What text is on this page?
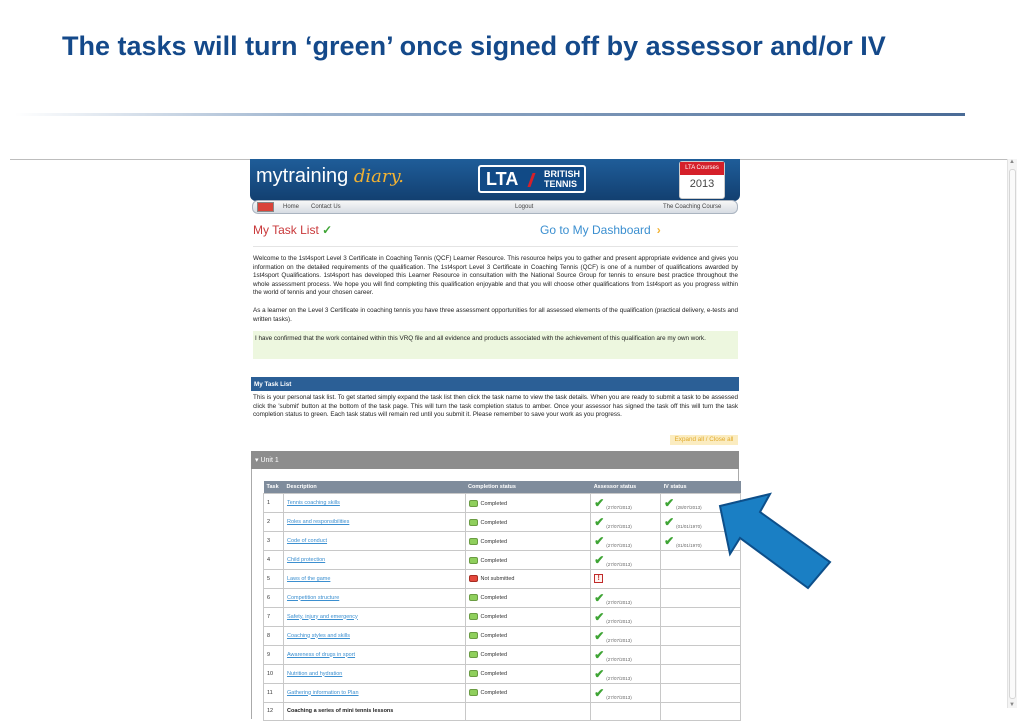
The tasks will turn ‘green’ once signed off by assessor and/or IV
mytraining diary.	LTA	BRITISH
TENNIS
LTA Courses
2013
Home Contact Us	Logout	The Coaching Course
My Task List ✓	Go to My Dashboard ›
Welcome to the 1st4sport Level 3 Certificate in Coaching Tennis (QCF) Learner Resource. This resource helps you to gather and present appropriate evidence and gives you information on the detailed requirements of the qualification. The 1st4sport Level 3 Certificate in Coaching Tennis (QCF) is one of a number of qualifications awarded by 1st4sport Qualifications. 1st4sport has developed this Learner Resource in consultation with the National Source Group for tennis to ensure best practice throughout the whole assessment process. We hope you will find completing this qualification enjoyable and that you will choose other qualifications from 1st4sport as you progress within the world of tennis and your chosen career.
As a learner on the Level 3 Certificate in coaching tennis you have three assessment opportunities for all assessed elements of the qualification (practical delivery, e-tests and written tasks).
I have confirmed that the work contained within this VRQ file and all evidence and products associated with the achievement of this qualification are my own work.
My Task List
This is your personal task list. To get started simply expand the task list then click the task name to view the task details. When you are ready to submit a task to be assessed click the 'submit' button at the bottom of the task page. This will turn the task completion status to amber. Once your assessor has signed the task off this will turn the task completion status to green. Each task status will remain red until you submit it. Please remember to save your work as you progress.
Expand all / Close all
▾ Unit 1
Task	Description	Completion status	Assessor status	IV status
1	Tennis coaching skills	Completed	✔ (27/07/2013)	✔ (28/07/2013)
2	Roles and responsibilities	Completed	✔ (27/07/2013)	✔ (01/01/1970)
3	Code of conduct	Completed	✔ (27/07/2013)	✔ (01/01/1970)
4	Child protection	Completed	✔ (27/07/2013)	
5	Laws of the game	Not submitted	!	
6	Competition structure	Completed	✔ (27/07/2013)	
7	Safety, injury and emergency	Completed	✔ (27/07/2013)	
8	Coaching styles and skills	Completed	✔ (27/07/2013)	
9	Awareness of drugs in sport	Completed	✔ (27/07/2013)	
10	Nutrition and hydration	Completed	✔ (27/07/2013)	
11	Gathering information to Plan	Completed	✔ (27/07/2013)	
12	Coaching a series of mini tennis lessons			
▲
▼
